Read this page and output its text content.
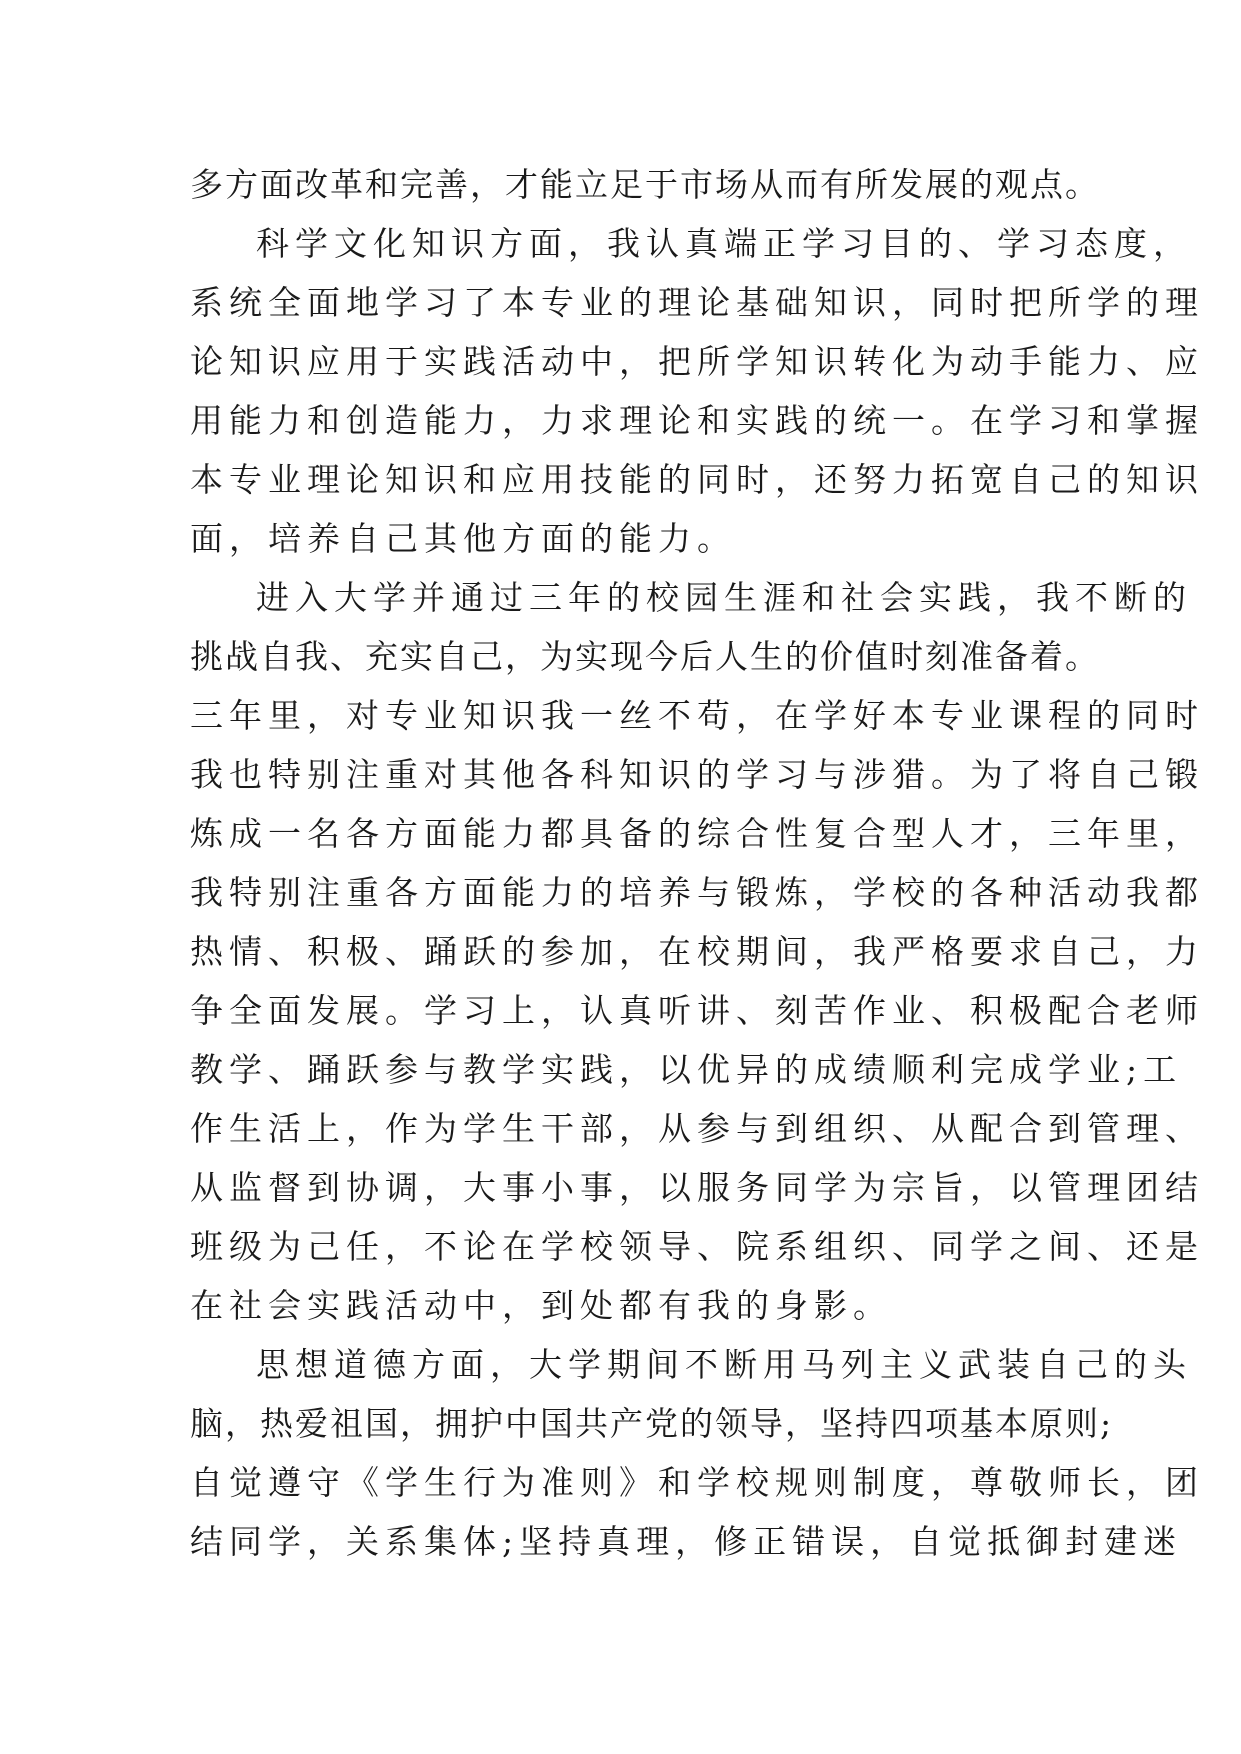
多方面改革和完善，才能立足于市场从而有所发展的观点。
科学文化知识方面，我认真端正学习目的、学习态度，
系统全面地学习了本专业的理论基础知识，同时把所学的理
论知识应用于实践活动中，把所学知识转化为动手能力、应
用能力和创造能力，力求理论和实践的统一。在学习和掌握
本专业理论知识和应用技能的同时，还努力拓宽自己的知识
面，培养自己其他方面的能力。
进入大学并通过三年的校园生涯和社会实践，我不断的
挑战自我、充实自己，为实现今后人生的价值时刻准备着。
三年里，对专业知识我一丝不苟，在学好本专业课程的同时
我也特别注重对其他各科知识的学习与涉猎。为了将自己锻
炼成一名各方面能力都具备的综合性复合型人才，三年里，
我特别注重各方面能力的培养与锻炼，学校的各种活动我都
热情、积极、踊跃的参加，在校期间，我严格要求自己，力
争全面发展。学习上，认真听讲、刻苦作业、积极配合老师
教学、踊跃参与教学实践，以优异的成绩顺利完成学业;工
作生活上，作为学生干部，从参与到组织、从配合到管理、
从监督到协调，大事小事，以服务同学为宗旨，以管理团结
班级为己任，不论在学校领导、院系组织、同学之间、还是
在社会实践活动中，到处都有我的身影。
思想道德方面，大学期间不断用马列主义武装自己的头
脑，热爱祖国，拥护中国共产党的领导，坚持四项基本原则;
自觉遵守《学生行为准则》和学校规则制度，尊敬师长，团
结同学，关系集体;坚持真理，修正错误，自觉抵御封建迷
